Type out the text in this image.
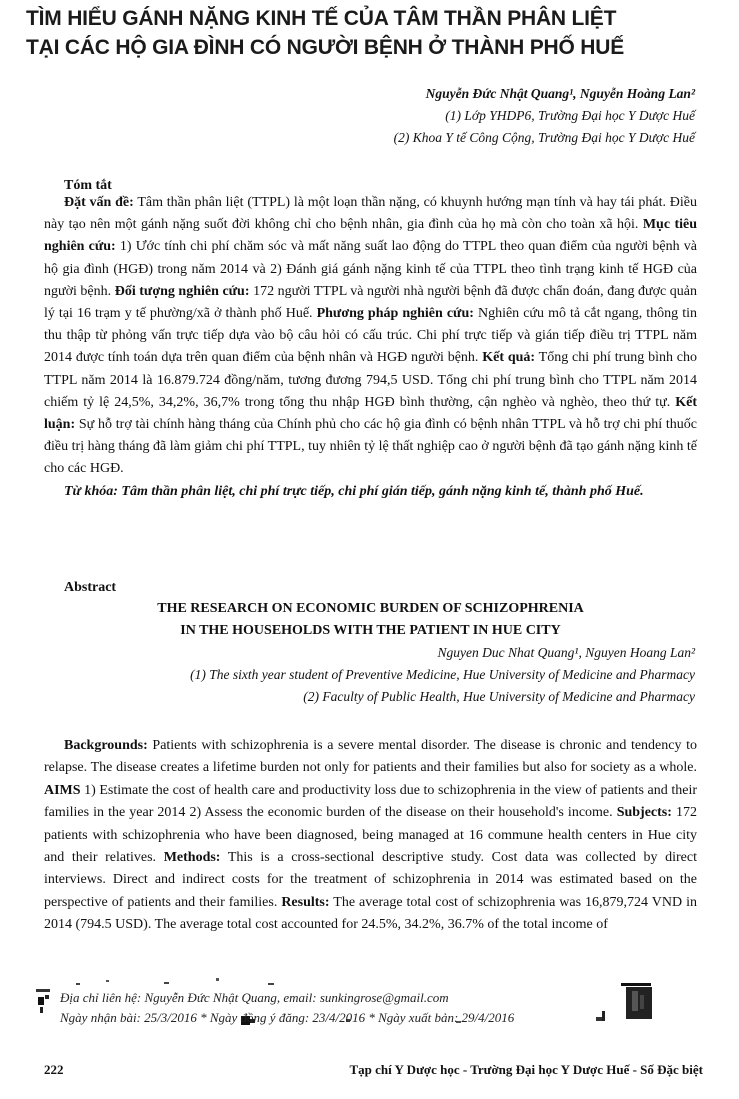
TÌM HIỂU GÁNH NẶNG KINH TẾ CỦA TÂM THẦN PHÂN LIỆT
TẠI CÁC HỘ GIA ĐÌNH CÓ NGƯỜI BỆNH Ở THÀNH PHỐ HUẾ
Nguyễn Đức Nhật Quang¹, Nguyễn Hoàng Lan²
(1) Lớp YHDP6, Trường Đại học Y Dược Huế
(2) Khoa Y tế Công Cộng, Trường Đại học Y Dược Huế
Tóm tắt

Đặt vấn đề: Tâm thần phân liệt (TTPL) là một loạn thần nặng, có khuynh hướng mạn tính và hay tái phát. Điều này tạo nên một gánh nặng suốt đời không chỉ cho bệnh nhân, gia đình của họ mà còn cho toàn xã hội. Mục tiêu nghiên cứu: 1) Ước tính chi phí chăm sóc và mất năng suất lao động do TTPL theo quan điểm của người bệnh và hộ gia đình (HGĐ) trong năm 2014 và 2) Đánh giá gánh nặng kinh tế của TTPL theo tình trạng kinh tế HGĐ của người bệnh. Đối tượng nghiên cứu: 172 người TTPL và người nhà người bệnh đã được chẩn đoán, đang được quản lý tại 16 trạm y tế phường/xã ở thành phố Huế. Phương pháp nghiên cứu: Nghiên cứu mô tả cắt ngang, thông tin thu thập từ phỏng vấn trực tiếp dựa vào bộ câu hỏi có cấu trúc. Chi phí trực tiếp và gián tiếp điều trị TTPL năm 2014 được tính toán dựa trên quan điểm của bệnh nhân và HGĐ người bệnh. Kết quả: Tổng chi phí trung bình cho TTPL năm 2014 là 16.879.724 đồng/năm, tương đương 794,5 USD. Tổng chi phí trung bình cho TTPL năm 2014 chiếm tỷ lệ 24,5%, 34,2%, 36,7% trong tổng thu nhập HGĐ bình thường, cận nghèo và nghèo, theo thứ tự. Kết luận: Sự hỗ trợ tài chính hàng tháng của Chính phủ cho các hộ gia đình có bệnh nhân TTPL và hỗ trợ chi phí thuốc điều trị hàng tháng đã làm giảm chi phí TTPL, tuy nhiên tỷ lệ thất nghiệp cao ở người bệnh đã tạo gánh nặng kinh tế cho các HGĐ.

Từ khóa: Tâm thần phân liệt, chi phí trực tiếp, chi phí gián tiếp, gánh nặng kinh tế, thành phố Huế.

Abstract
THE RESEARCH ON ECONOMIC BURDEN OF SCHIZOPHRENIA
IN THE HOUSEHOLDS WITH THE PATIENT IN HUE CITY
Nguyen Duc Nhat Quang¹, Nguyen Hoang Lan²
(1) The sixth year student of Preventive Medicine, Hue University of Medicine and Pharmacy
(2) Faculty of Public Health, Hue University of Medicine and Pharmacy

Backgrounds: Patients with schizophrenia is a severe mental disorder. The disease is chronic and tendency to relapse. The disease creates a lifetime burden not only for patients and their families but also for society as a whole. AIMS 1) Estimate the cost of health care and productivity loss due to schizophrenia in the view of patients and their families in the year 2014 2) Assess the economic burden of the disease on their household's income. Subjects: 172 patients with schizophrenia who have been diagnosed, being managed at 16 commune health centers in Hue city and their relatives. Methods: This is a cross-sectional descriptive study. Cost data was collected by direct interviews. Direct and indirect costs for the treatment of schizophrenia in 2014 was estimated based on the perspective of patients and their families. Results: The average total cost of schizophrenia was 16,879,724 VND in 2014 (794.5 USD). The average total cost accounted for 24.5%, 34.2%, 36.7% of the total income of

Địa chỉ liên hệ: Nguyễn Đức Nhật Quang, email: sunkingrose@gmail.com
Ngày nhận bài: 25/3/2016 * Ngày đồng ý đăng: 23/4/2016 * Ngày xuất bản: 29/4/2016
222	Tạp chí Y Dược học - Trường Đại học Y Dược Huế - Số Đặc biệt
